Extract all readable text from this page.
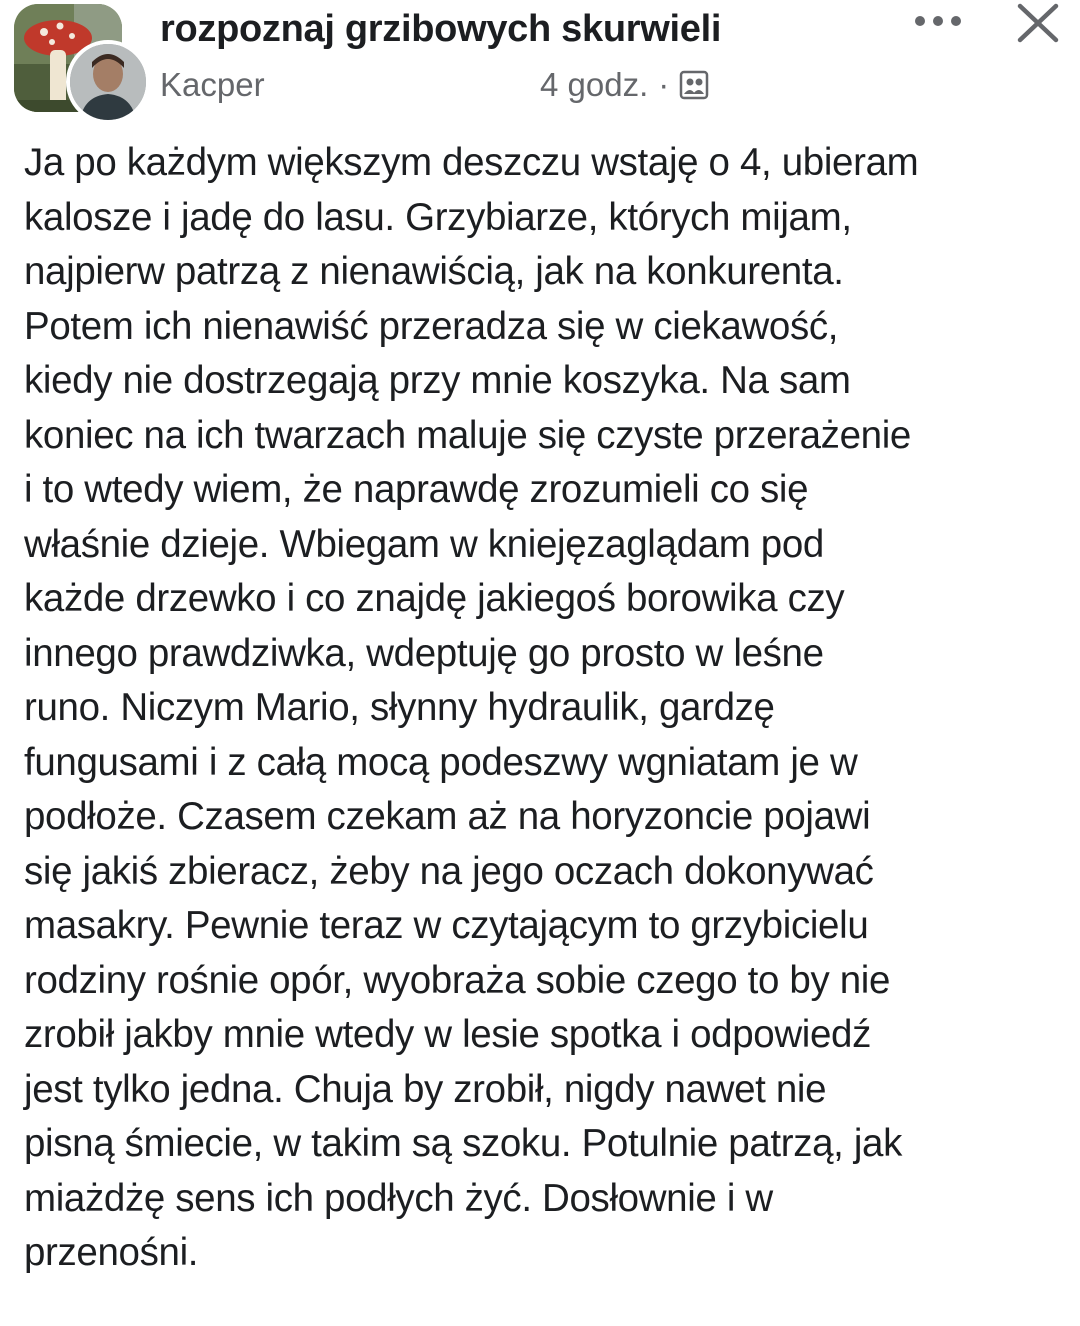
rozpoznaj grzibowych skurwieli
Kacper	4 godz. ·
Ja po każdym większym deszczu wstaję o 4, ubieram
kalosze i jadę do lasu. Grzybiarze, których mijam,
najpierw patrzą z nienawiścią, jak na konkurenta.
Potem ich nienawiść przeradza się w ciekawość,
kiedy nie dostrzegają przy mnie koszyka. Na sam
koniec na ich twarzach maluje się czyste przerażenie
i to wtedy wiem, że naprawdę zrozumieli co się
właśnie dzieje. Wbiegam w kniejęzaglądam pod
każde drzewko i co znajdę jakiegoś borowika czy
innego prawdziwka, wdeptuję go prosto w leśne
runo. Niczym Mario, słynny hydraulik, gardzę
fungusami i z całą mocą podeszwy wgniatam je w
podłoże. Czasem czekam aż na horyzoncie pojawi
się jakiś zbieracz, żeby na jego oczach dokonywać
masakry. Pewnie teraz w czytającym to grzybicielu
rodziny rośnie opór, wyobraża sobie czego to by nie
zrobił jakby mnie wtedy w lesie spotka i odpowiedź
jest tylko jedna. Chuja by zrobił, nigdy nawet nie
pisną śmiecie, w takim są szoku. Potulnie patrzą, jak
miażdżę sens ich podłych żyć. Dosłownie i w
przenośni.
